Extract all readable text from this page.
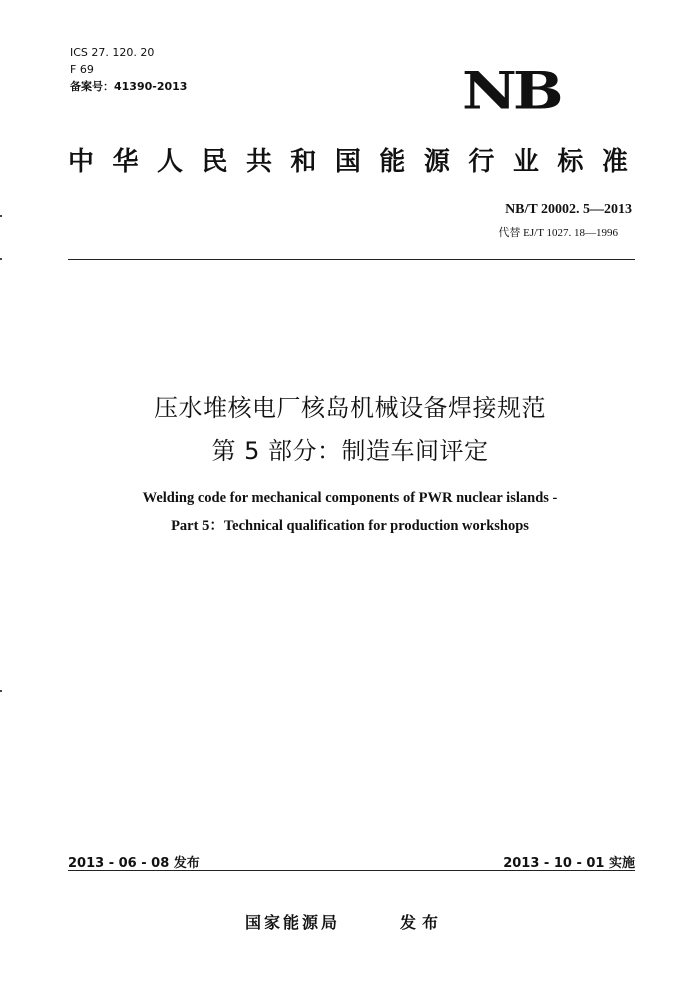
ICS 27. 120. 20
F 69
备案号：41390-2013	NB
中 华 人 民 共 和 国 能 源 行 业 标 准
NB/T 20002. 5—2013
代替 EJ/T 1027. 18—1996
压水堆核电厂核岛机械设备焊接规范
第 5 部分：制造车间评定
Welding code for mechanical components of PWR nuclear islands -
Part 5：Technical qualification for production workshops
2013 - 06 - 08 发布	2013 - 10 - 01 实施
国家能源局	发布
